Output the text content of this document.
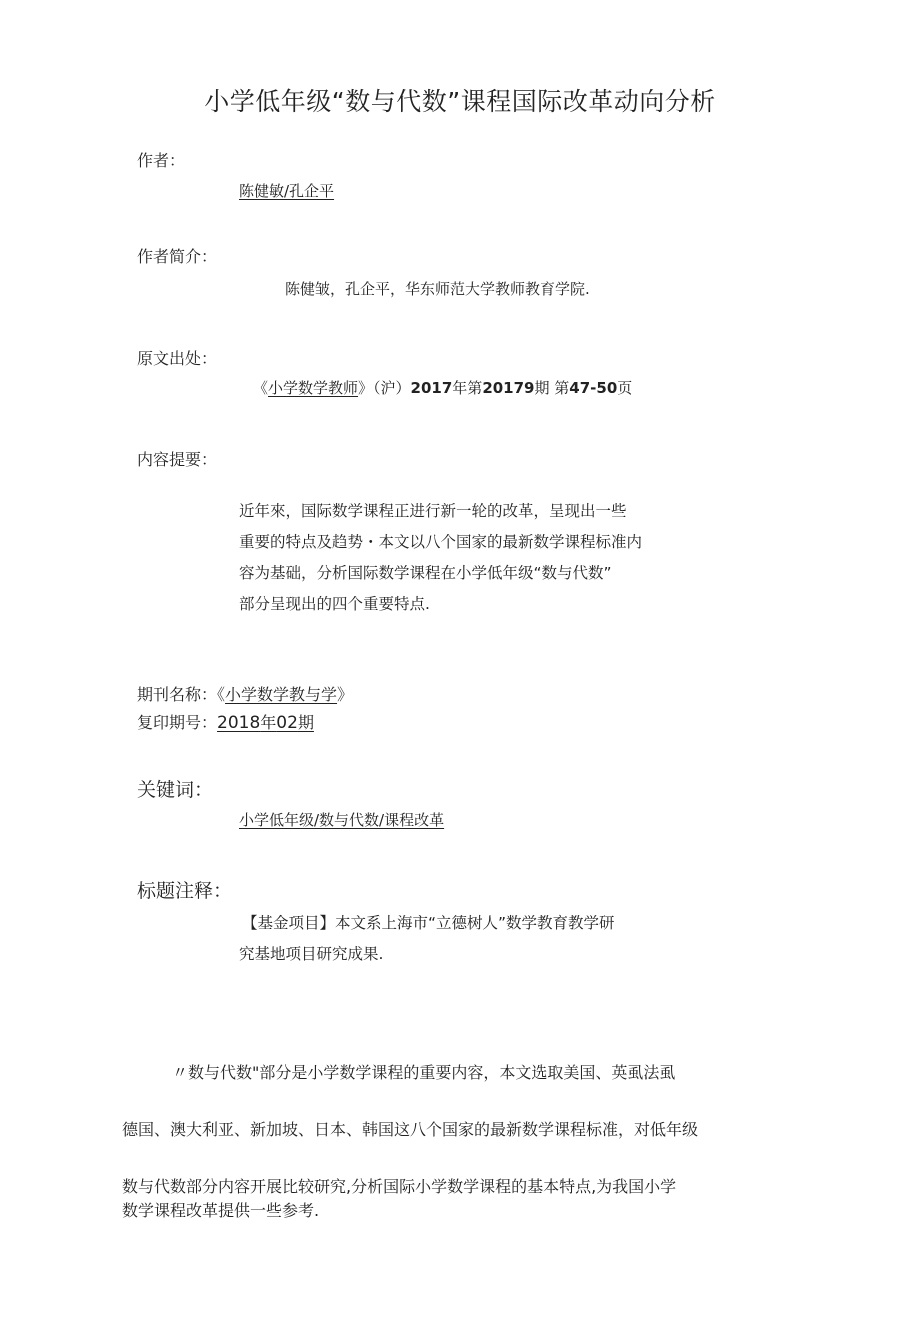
小学低年级“数与代数”课程国际改革动向分析
作者：
陈健敏/孔企平
作者简介：
陈健皱，孔企平，华东师范大学教师教育学院.
原文出处：
《小学数学教师》（沪）2017年第20179期 第47-50页
内容提要：
近年來，国际数学课程正进行新一轮的改革，呈现出一些
重要的特点及趋势・本文以八个国家的最新数学课程标准内
容为基础，分析国际数学课程在小学低年级“数与代数”
部分呈现出的四个重要特点.
期刊名称：《小学数学教与学》
复印期号：2018年02期
关键词：
小学低年级/数与代数/课程改革
标题注释：
【基金项目】本文系上海市“立德树人”数学教育教学研
究基地项目研究成果.
〃数与代数"部分是小学数学课程的重要内容，本文选取美国、英虱法虱
德国、澳大利亚、新加坡、日本、韩国这八个国家的最新数学课程标准，对低年级
数与代数部分内容开展比较研究,分析国际小学数学课程的基本特点,为我国小学
数学课程改革提供一些参考.
